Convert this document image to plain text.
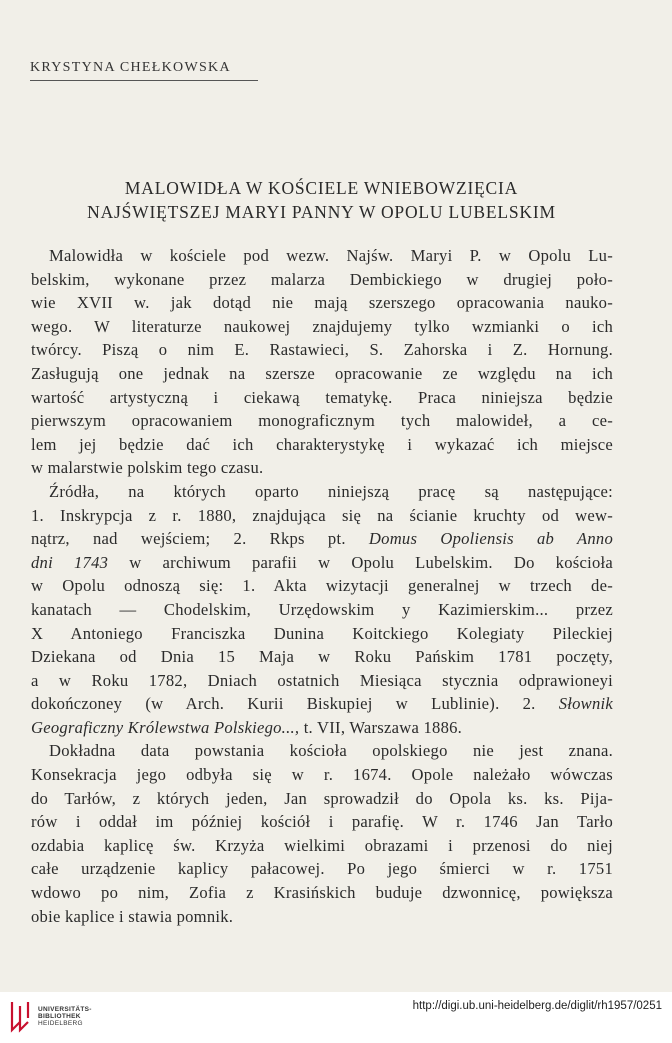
KRYSTYNA CHEŁKOWSKA
MALOWIDŁA W KOŚCIELE WNIEBOWZIĘCIA
NAJŚWIĘTSZEJ MARYI PANNY W OPOLU LUBELSKIM
Malowidła w kościele pod wezw. Najśw. Maryi P. w Opolu Lu-
belskim, wykonane przez malarza Dembickiego w drugiej poło-
wie XVII w. jak dotąd nie mają szerszego opracowania nauko-
wego. W literaturze naukowej znajdujemy tylko wzmianki o ich
twórcy. Piszą o nim E. Rastawieci, S. Zahorska i Z. Hornung.
Zasługują one jednak na szersze opracowanie ze względu na ich
wartość artystyczną i ciekawą tematykę. Praca niniejsza będzie
pierwszym opracowaniem monograficznym tych malowideł, a ce-
lem jej będzie dać ich charakterystykę i wykazać ich miejsce
w malarstwie polskim tego czasu.
Źródła, na których oparto niniejszą pracę są następujące:
1. Inskrypcja z r. 1880, znajdująca się na ścianie kruchty od wew-
nątrz, nad wejściem; 2. Rkps pt. Domus Opoliensis ab Anno
dni 1743 w archiwum parafii w Opolu Lubelskim. Do kościoła
w Opolu odnoszą się: 1. Akta wizytacji generalnej w trzech de-
kanatach — Chodelskim, Urzędowskim y Kazimierskim... przez
X Antoniego Franciszka Dunina Koitckiego Kolegiaty Pileckiej
Dziekana od Dnia 15 Maja w Roku Pańskim 1781 poczęty,
a w Roku 1782, Dniach ostatnich Miesiąca stycznia odprawioneyi
dokończoney (w Arch. Kurii Biskupiej w Lublinie). 2. Słownik
Geograficzny Królewstwa Polskiego..., t. VII, Warszawa 1886.
Dokładna data powstania kościoła opolskiego nie jest znana.
Konsekracja jego odbyła się w r. 1674. Opole należało wówczas
do Tarłów, z których jeden, Jan sprowadził do Opola ks. ks. Pija-
rów i oddał im później kościół i parafię. W r. 1746 Jan Tarło
ozdabia kaplicę św. Krzyża wielkimi obrazami i przenosi do niej
całe urządzenie kaplicy pałacowej. Po jego śmierci w r. 1751
wdowo po nim, Zofia z Krasińskich buduje dzwonnicę, powiększa
obie kaplice i stawia pomnik.
UNIVERSITÄTS-
BIBLIOTHEK
HEIDELBERG
http://digi.ub.uni-heidelberg.de/diglit/rh1957/0251
